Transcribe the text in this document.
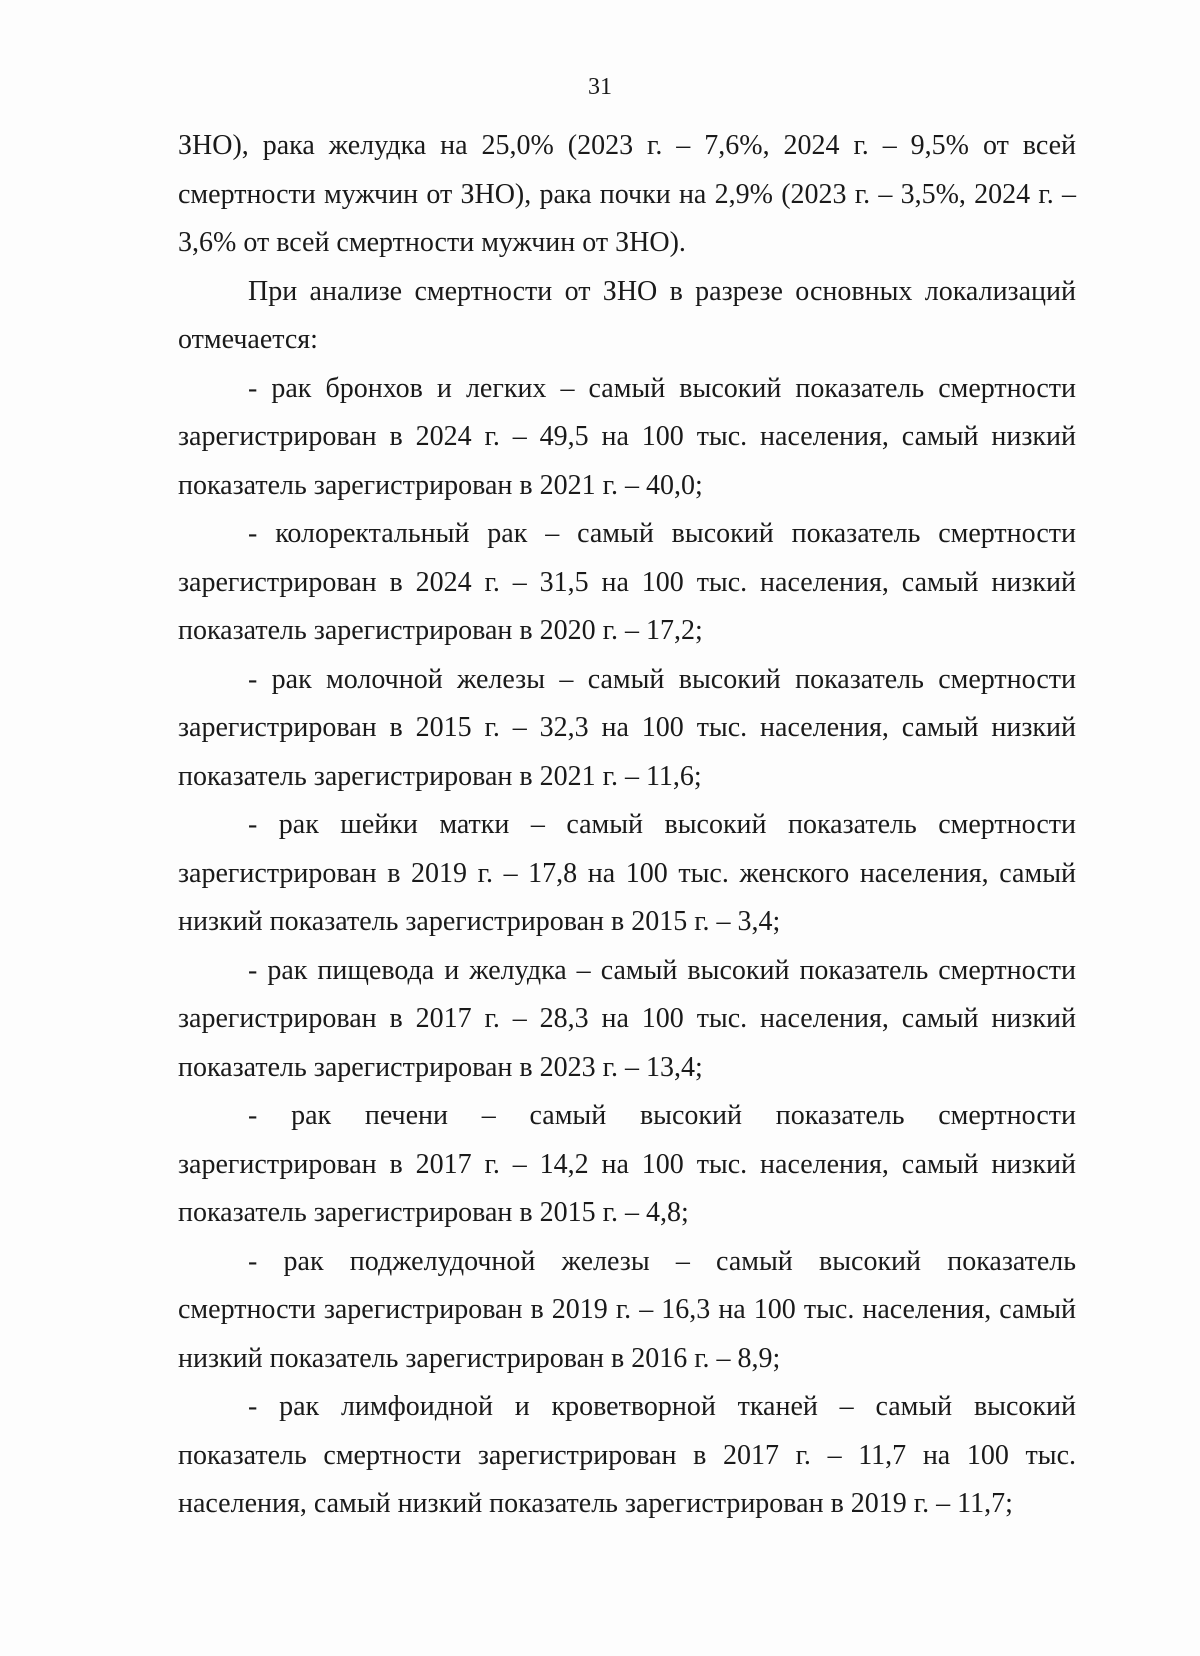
31

ЗНО), рака желудка на 25,0% (2023 г. – 7,6%, 2024 г. – 9,5% от всей смертности мужчин от ЗНО), рака почки на 2,9% (2023 г. – 3,5%, 2024 г. – 3,6% от всей смертности мужчин от ЗНО).

При анализе смертности от ЗНО в разрезе основных локализаций отмечается:

- рак бронхов и легких – самый высокий показатель смертности зарегистрирован в 2024 г. – 49,5 на 100 тыс. населения, самый низкий показатель зарегистрирован в 2021 г. – 40,0;

- колоректальный рак – самый высокий показатель смертности зарегистрирован в 2024 г. – 31,5 на 100 тыс. населения, самый низкий показатель зарегистрирован в 2020 г. – 17,2;

- рак молочной железы – самый высокий показатель смертности зарегистрирован в 2015 г. – 32,3 на 100 тыс. населения, самый низкий показатель зарегистрирован в 2021 г. – 11,6;

- рак шейки матки – самый высокий показатель смертности зарегистрирован в 2019 г. – 17,8 на 100 тыс. женского населения, самый низкий показатель зарегистрирован в 2015 г. – 3,4;

- рак пищевода и желудка – самый высокий показатель смертности зарегистрирован в 2017 г. – 28,3 на 100 тыс. населения, самый низкий показатель зарегистрирован в 2023 г. – 13,4;

- рак печени – самый высокий показатель смертности зарегистрирован в 2017 г. – 14,2 на 100 тыс. населения, самый низкий показатель зарегистрирован в 2015 г. – 4,8;

- рак поджелудочной железы – самый высокий показатель смертности зарегистрирован в 2019 г. – 16,3 на 100 тыс. населения, самый низкий показатель зарегистрирован в 2016 г. – 8,9;

- рак лимфоидной и кроветворной тканей – самый высокий показатель смертности зарегистрирован в 2017 г. – 11,7 на 100 тыс. населения, самый низкий показатель зарегистрирован в 2019 г. – 11,7;
